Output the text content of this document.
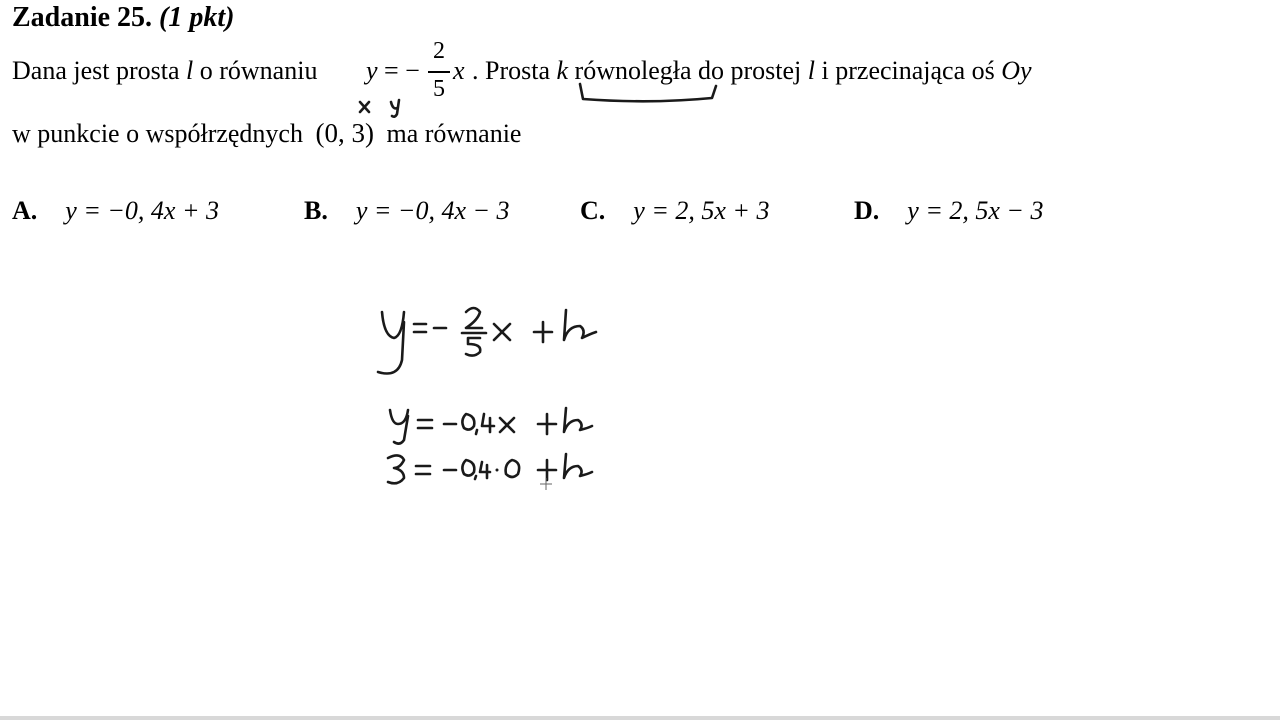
Zadanie 25. (1 pkt)
Dana jest prosta l o równaniu y = −
2
5
x . Prosta k równoległa do prostej l i przecinająca oś Oy
w punkcie o współrzędnych (0, 3) ma równanie
A. y = −0, 4x + 3	B. y = −0, 4x − 3	C. y = 2, 5x + 3	D. y = 2, 5x − 3
